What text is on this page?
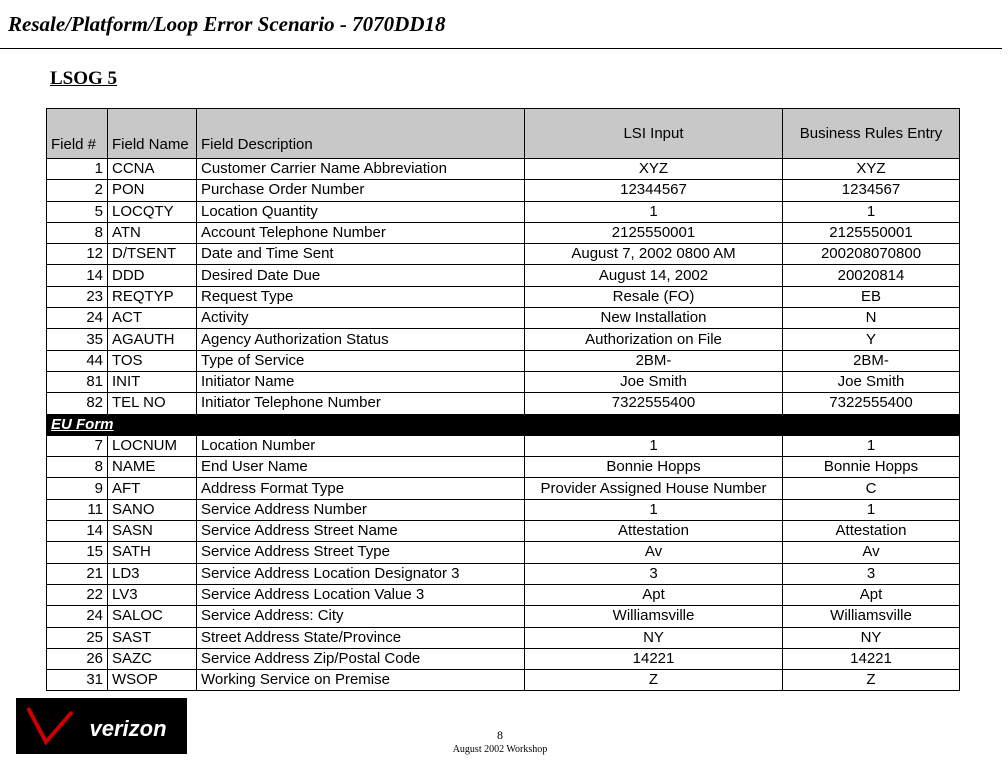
Resale/Platform/Loop Error Scenario - 7070DD18
LSOG 5
Field #	Field Name	Field Description	LSI Input	Business Rules Entry
1	CCNA	Customer Carrier Name Abbreviation	XYZ	XYZ
2	PON	Purchase Order Number	12344567	1234567
5	LOCQTY	Location Quantity	1	1
8	ATN	Account Telephone Number	2125550001	2125550001
12	D/TSENT	Date and Time Sent	August 7, 2002 0800 AM	200208070800
14	DDD	Desired Date Due	August 14, 2002	20020814
23	REQTYP	Request Type	Resale (FO)	EB
24	ACT	Activity	New Installation	N
35	AGAUTH	Agency Authorization Status	Authorization on File	Y
44	TOS	Type of Service	2BM-	2BM-
81	INIT	Initiator Name	Joe Smith	Joe Smith
82	TEL NO	Initiator Telephone Number	7322555400	7322555400
EU Form				
7	LOCNUM	Location Number	1	1
8	NAME	End User Name	Bonnie Hopps	Bonnie Hopps
9	AFT	Address Format Type	Provider Assigned House Number	C
11	SANO	Service Address Number	1	1
14	SASN	Service Address Street Name	Attestation	Attestation
15	SATH	Service Address Street Type	Av	Av
21	LD3	Service Address Location Designator 3	3	3
22	LV3	Service Address Location Value 3	Apt	Apt
24	SALOC	Service Address: City	Williamsville	Williamsville
25	SAST	Street Address State/Province	NY	NY
26	SAZC	Service Address Zip/Postal Code	14221	14221
31	WSOP	Working Service on Premise	Z	Z
verizon	8
August 2002 Workshop
